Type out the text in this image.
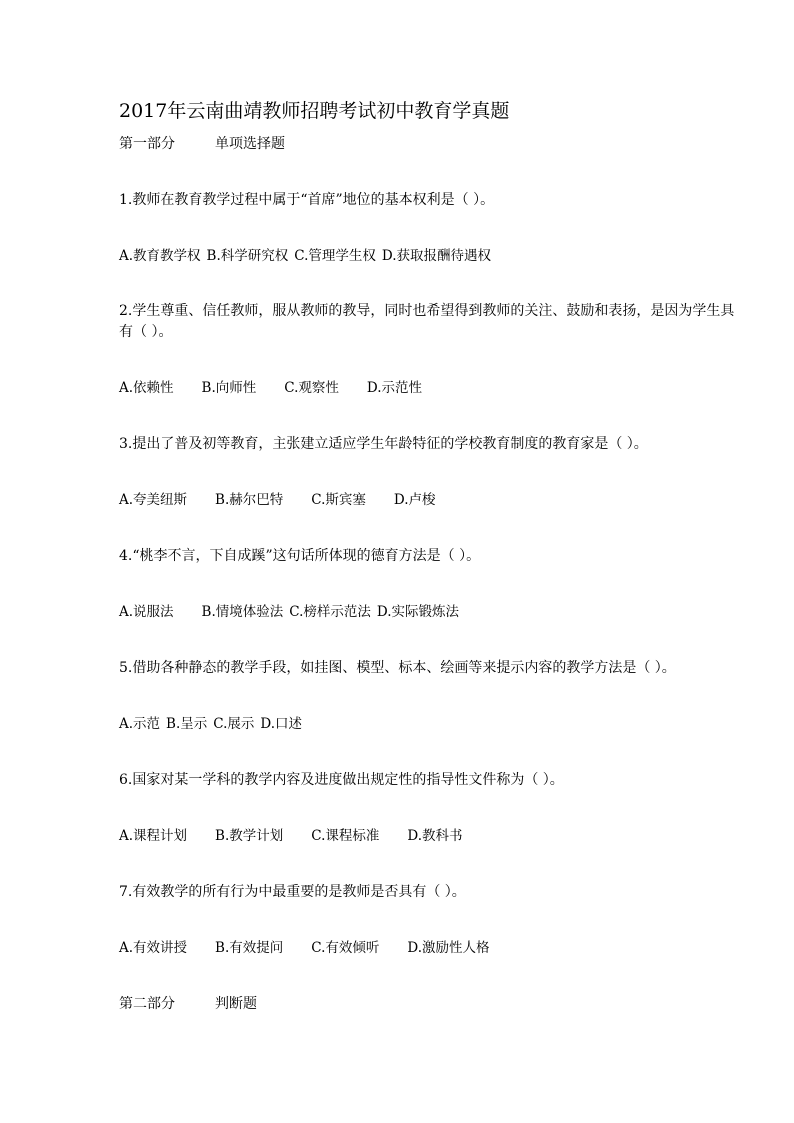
2017年云南曲靖教师招聘考试初中教育学真题
第一部分	单项选择题
1.教师在教育教学过程中属于“首席”地位的基本权利是（ ）。
A.教育教学权 B.科学研究权 C.管理学生权 D.获取报酬待遇权
2.学生尊重、信任教师，服从教师的教导，同时也希望得到教师的关注、鼓励和表扬，是因为学生具有（ ）。
A.依赖性 B.向师性 C.观察性 D.示范性
3.提出了普及初等教育，主张建立适应学生年龄特征的学校教育制度的教育家是（ ）。
A.夸美纽斯 B.赫尔巴特 C.斯宾塞 D.卢梭
4.“桃李不言，下自成蹊”这句话所体现的德育方法是（ ）。
A.说服法 B.情境体验法 C.榜样示范法 D.实际锻炼法
5.借助各种静态的教学手段，如挂图、模型、标本、绘画等来提示内容的教学方法是（ ）。
A.示范 B.呈示 C.展示 D.口述
6.国家对某一学科的教学内容及进度做出规定性的指导性文件称为（ ）。
A.课程计划 B.教学计划 C.课程标准 D.教科书
7.有效教学的所有行为中最重要的是教师是否具有（ ）。
A.有效讲授 B.有效提问 C.有效倾听 D.激励性人格
第二部分	判断题
